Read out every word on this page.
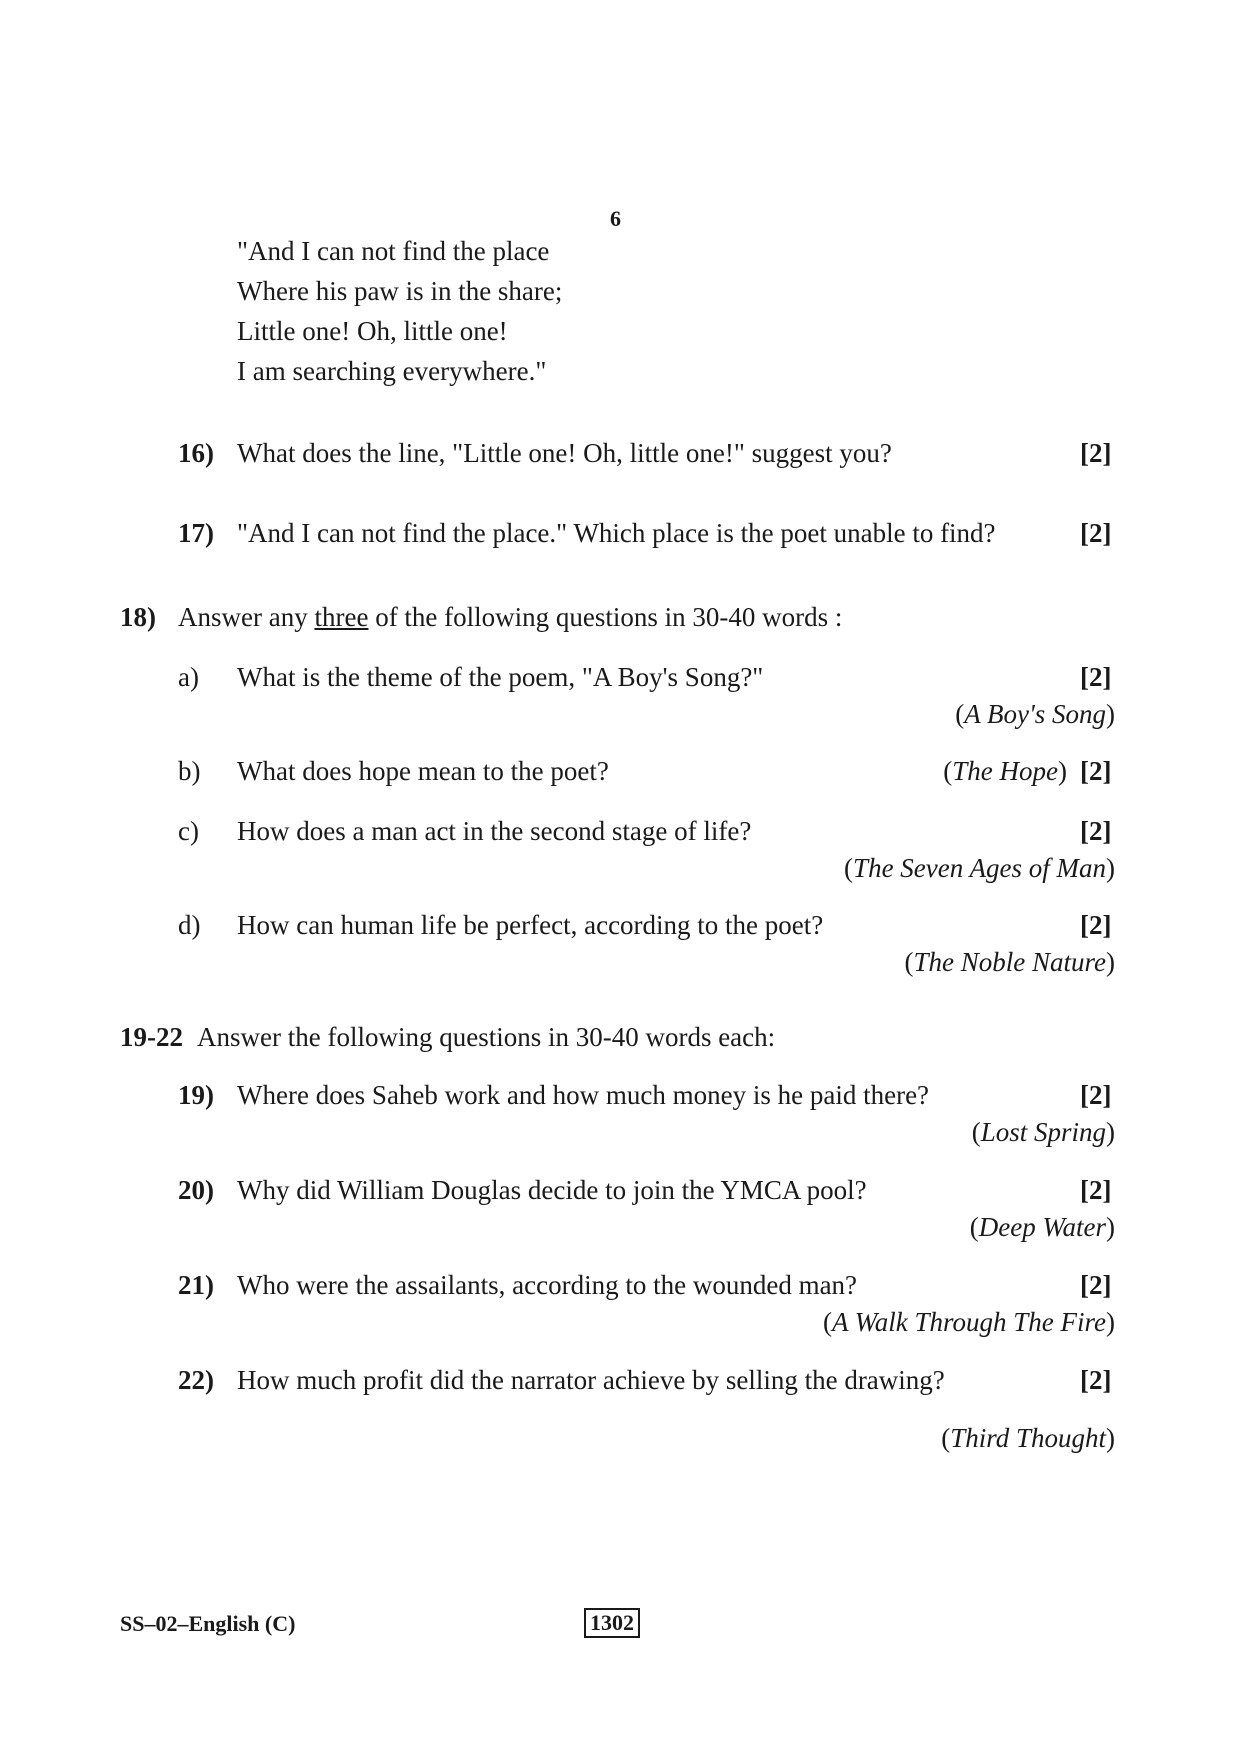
6
"And I can not find the place
Where his paw is in the share;
Little one! Oh, little one!
I am searching everywhere."
16) What does the line, "Little one! Oh, little one!" suggest you?	[2]
17) "And I can not find the place." Which place is the poet unable to find?	[2]
18) Answer any three of the following questions in 30-40 words :
a) What is the theme of the poem, "A Boy's Song?"	[2]
(A Boy's Song)
b) What does hope mean to the poet?	(The Hope) [2]
c) How does a man act in the second stage of life?	[2]
(The Seven Ages of Man)
d) How can human life be perfect, according to the poet?	[2]
(The Noble Nature)
19-22 Answer the following questions in 30-40 words each:
19) Where does Saheb work and how much money is he paid there?	[2]
(Lost Spring)
20) Why did William Douglas decide to join the YMCA pool?	[2]
(Deep Water)
21) Who were the assailants, according to the wounded man?	[2]
(A Walk Through The Fire)
22) How much profit did the narrator achieve by selling the drawing?	[2]
(Third Thought)
SS–02–English (C)	1302
